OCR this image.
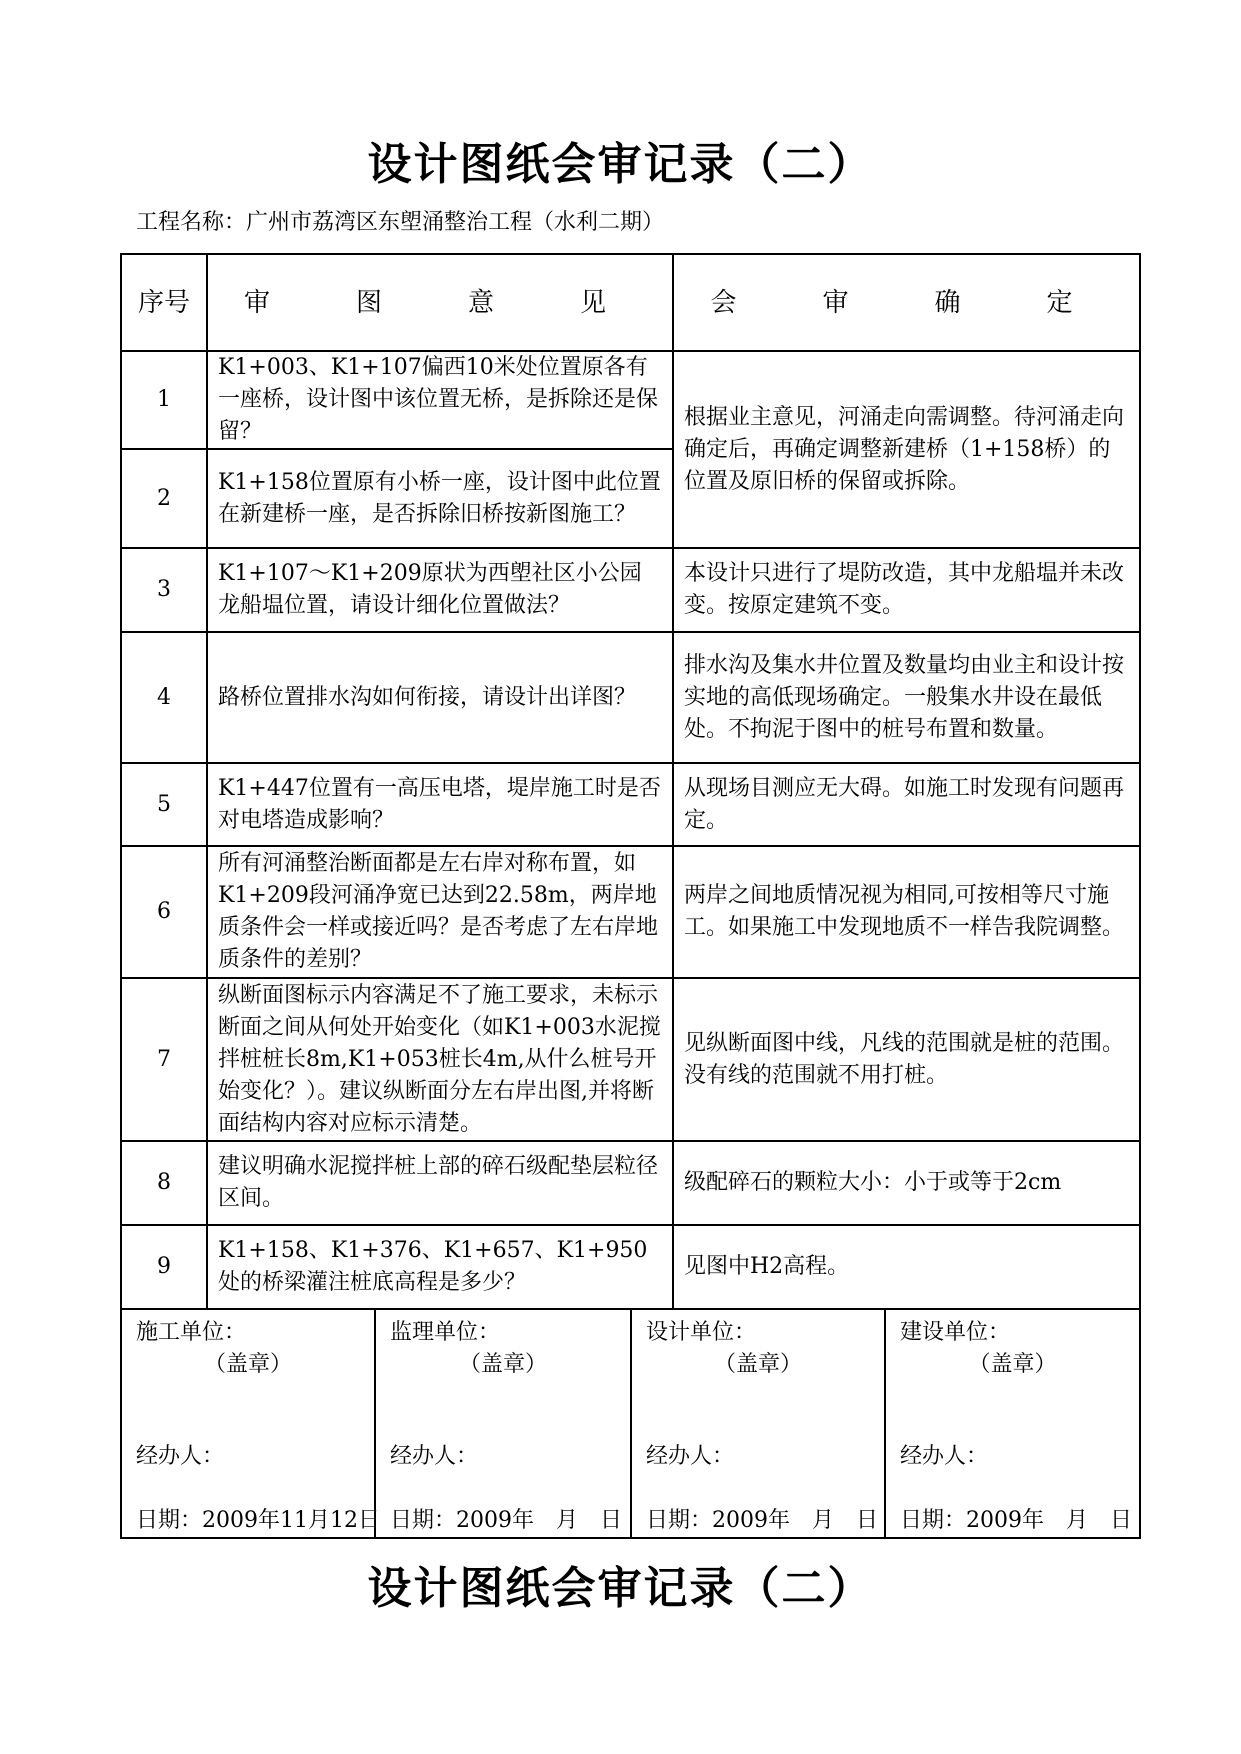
设计图纸会审记录（二）
工程名称：广州市荔湾区东塱涌整治工程（水利二期）
序号	审　图　意　见	会　审　确　定
1	K1+003、K1+107偏西10米处位置原各有一座桥，设计图中该位置无桥，是拆除还是保留？	根据业主意见，河涌走向需调整。待河涌走向确定后，再确定调整新建桥（1+158桥）的位置及原旧桥的保留或拆除。
2	K1+158位置原有小桥一座，设计图中此位置在新建桥一座，是否拆除旧桥按新图施工？	
3	K1+107～K1+209原状为西塱社区小公园龙船塭位置，请设计细化位置做法？	本设计只进行了堤防改造，其中龙船塭并未改变。按原定建筑不变。
4	路桥位置排水沟如何衔接，请设计出详图？	排水沟及集水井位置及数量均由业主和设计按实地的高低现场确定。一般集水井设在最低处。不拘泥于图中的桩号布置和数量。
5	K1+447位置有一高压电塔，堤岸施工时是否对电塔造成影响？	从现场目测应无大碍。如施工时发现有问题再定。
6	所有河涌整治断面都是左右岸对称布置，如K1+209段河涌净宽已达到22.58m，两岸地质条件会一样或接近吗？是否考虑了左右岸地质条件的差别？	两岸之间地质情况视为相同,可按相等尺寸施工。如果施工中发现地质不一样告我院调整。
7	纵断面图标示内容满足不了施工要求，未标示断面之间从何处开始变化（如K1+003水泥搅拌桩桩长8m,K1+053桩长4m,从什么桩号开始变化？）。建议纵断面分左右岸出图,并将断面结构内容对应标示清楚。	见纵断面图中线，凡线的范围就是桩的范围。没有线的范围就不用打桩。
8	建议明确水泥搅拌桩上部的碎石级配垫层粒径区间。	级配碎石的颗粒大小：小于或等于2cm
9	K1+158、K1+376、K1+657、K1+950处的桥梁灌注桩底高程是多少？	见图中H2高程。
施工单位：
（盖章）
经办人：
日期：2009年11月12日

监理单位：
（盖章）
经办人：
日期：2009年　月　日

设计单位：
（盖章）
经办人：
日期：2009年　月　日

建设单位：
（盖章）
经办人：
日期：2009年　月　日
设计图纸会审记录（二）
